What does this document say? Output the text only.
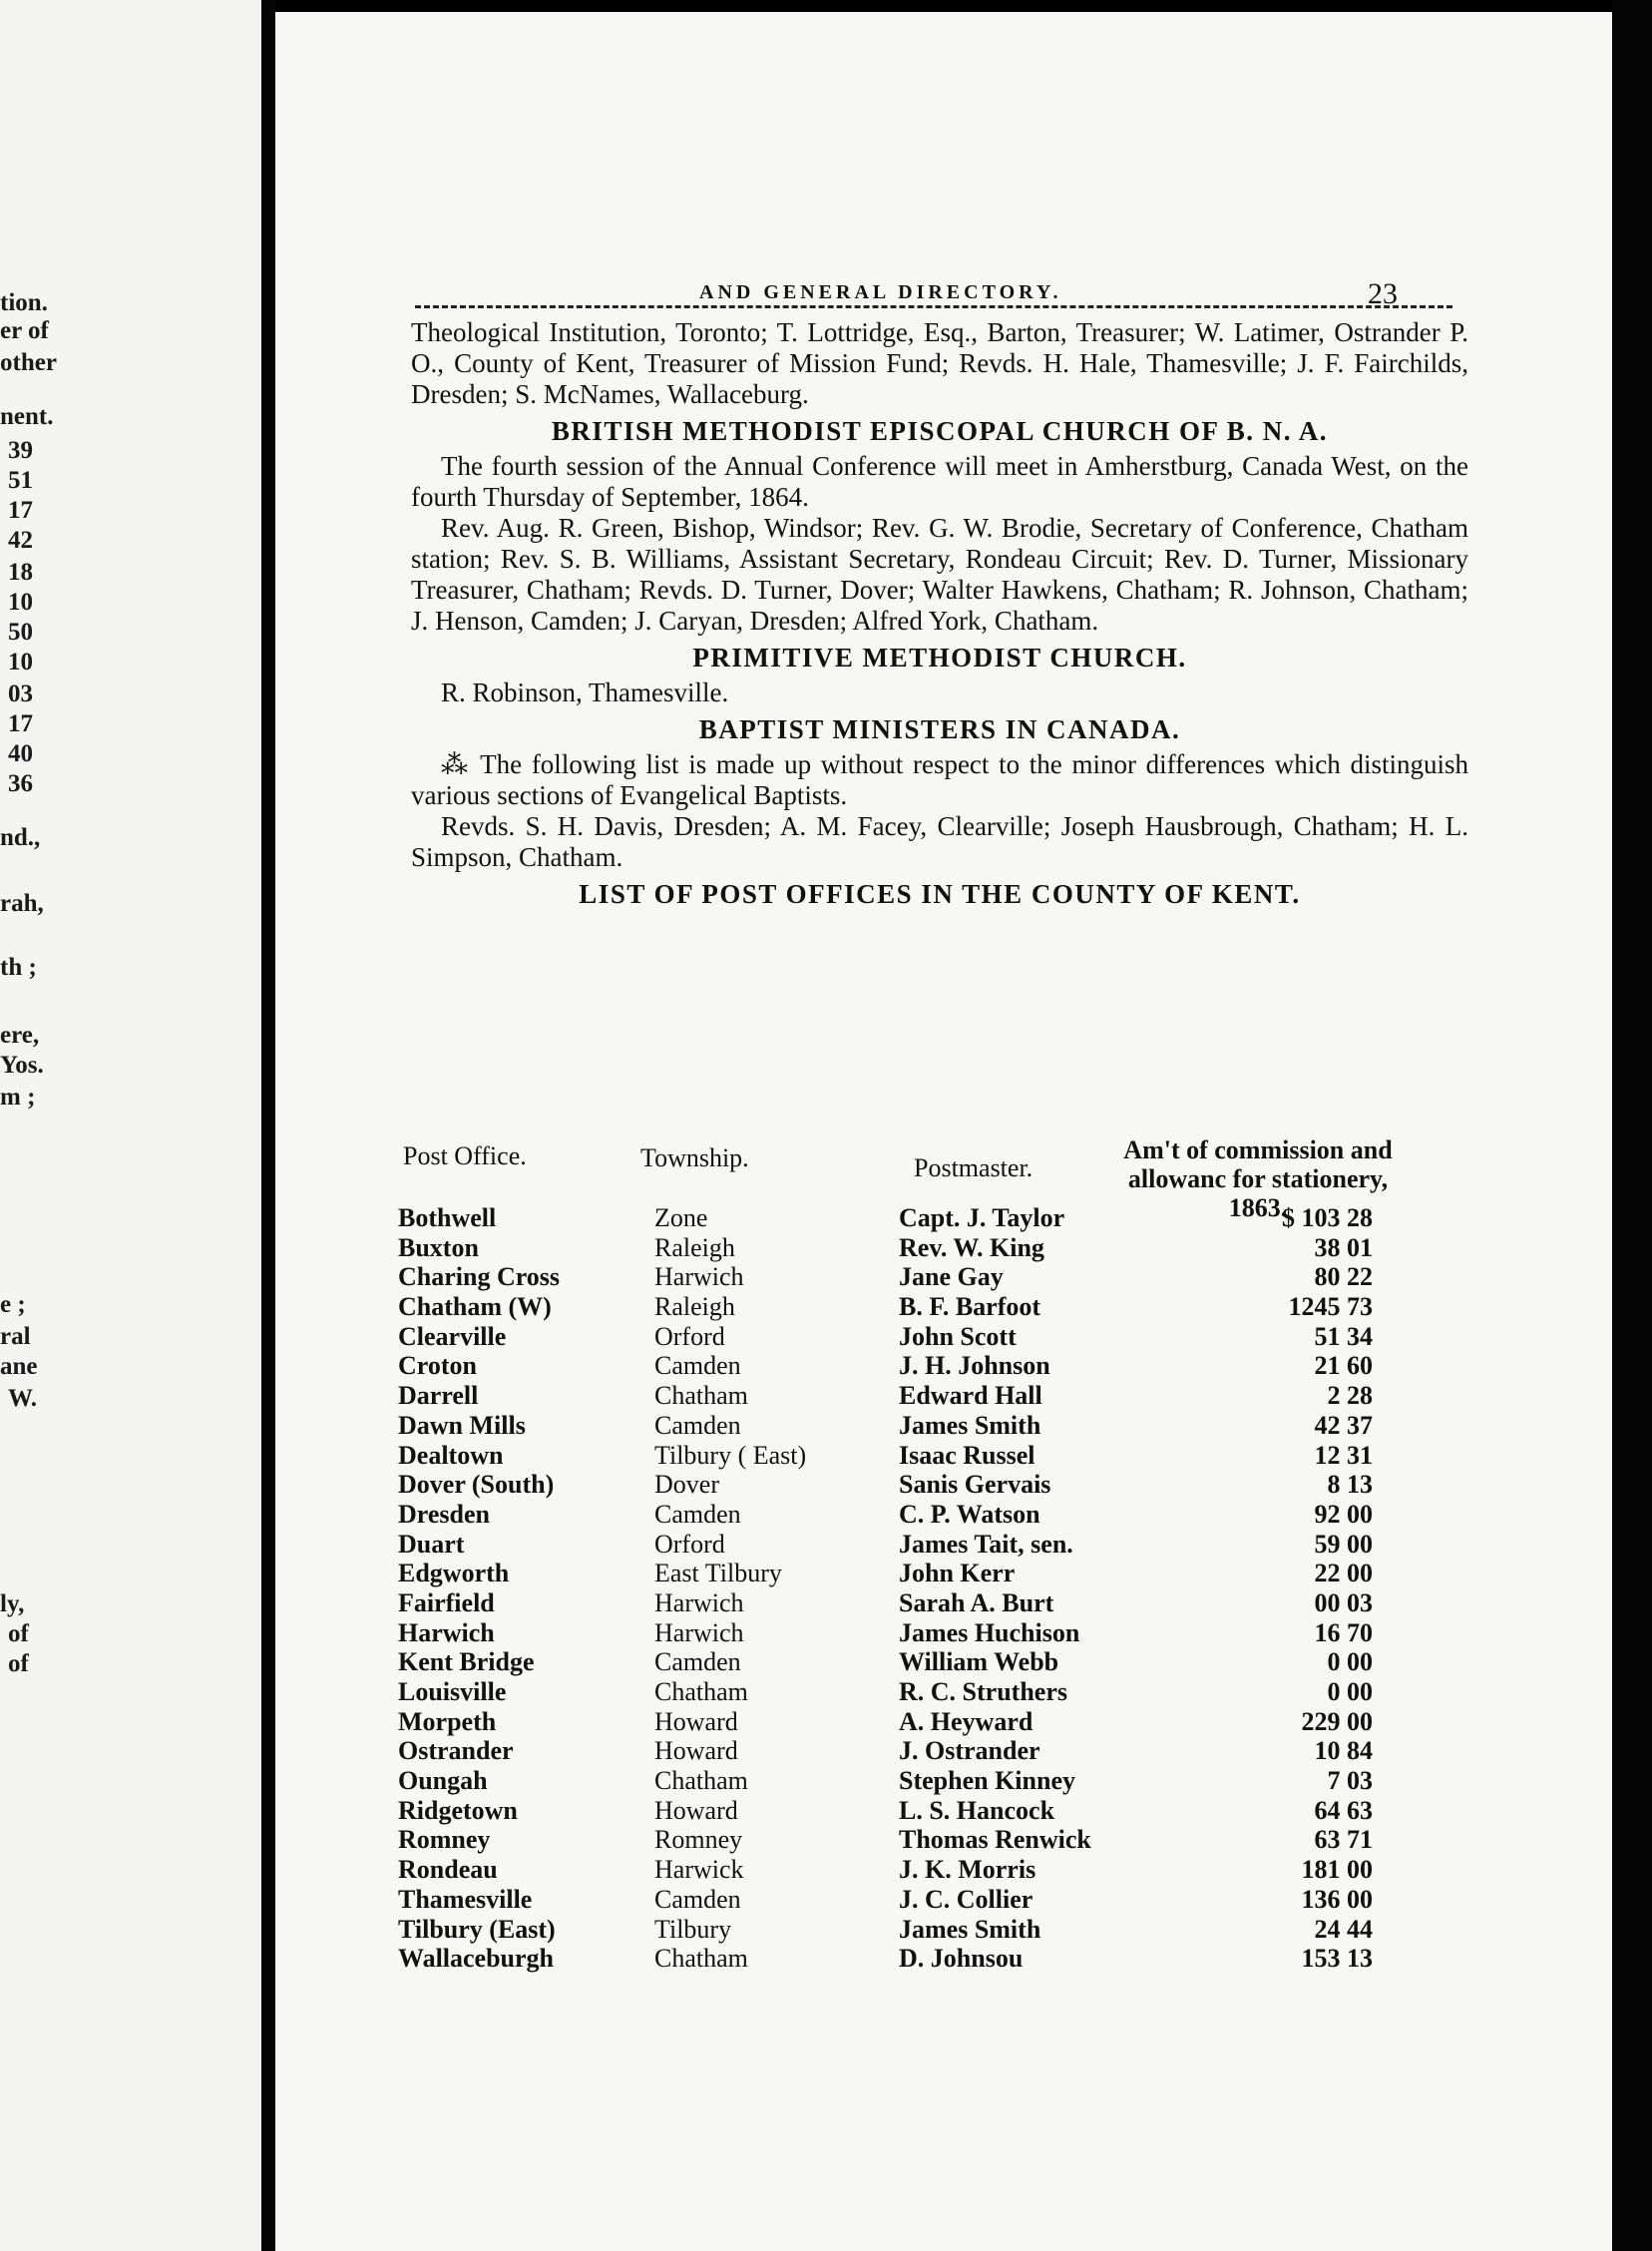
tion.
er of
other
nent.
39
51
17
42
18
10
50
10
03
17
40
36
nd.,
rah,
th ;
ere,
Yos.
m ;
e ;
ral
ane
W.
ly,
of
of
AND GENERAL DIRECTORY.	23

Theological Institution, Toronto; T. Lottridge, Esq., Barton, Treasurer; W. Latimer, Ostrander P. O., County of Kent, Treasurer of Mission Fund; Revds. H. Hale, Thamesville; J. F. Fairchilds, Dresden; S. McNames, Wallaceburg.

BRITISH METHODIST EPISCOPAL CHURCH OF B. N. A.

The fourth session of the Annual Conference will meet in Amherstburg, Canada West, on the fourth Thursday of September, 1864.

Rev. Aug. R. Green, Bishop, Windsor; Rev. G. W. Brodie, Secretary of Conference, Chatham station; Rev. S. B. Williams, Assistant Secretary, Rondeau Circuit; Rev. D. Turner, Missionary Treasurer, Chatham; Revds. D. Turner, Dover; Walter Hawkens, Chatham; R. Johnson, Chatham; J. Henson, Camden; J. Caryan, Dresden; Alfred York, Chatham.

PRIMITIVE METHODIST CHURCH.

R. Robinson, Thamesville.

BAPTIST MINISTERS IN CANADA.

⁂ The following list is made up without respect to the minor differences which distinguish various sections of Evangelical Baptists.

Revds. S. H. Davis, Dresden; A. M. Facey, Clearville; Joseph Hausbrough, Chatham; H. L. Simpson, Chatham.

LIST OF POST OFFICES IN THE COUNTY OF KENT.

Post Office.	Township.	Postmaster.
Am't of commission and allowanc for stationery, 1863.
Bothwell	Zone	Capt. J. Taylor	$ 103 28
Buxton	Raleigh	Rev. W. King	38 01
Charing Cross	Harwich	Jane Gay	80 22
Chatham (W)	Raleigh	B. F. Barfoot	1245 73
Clearville	Orford	John Scott	51 34
Croton	Camden	J. H. Johnson	21 60
Darrell	Chatham	Edward Hall	2 28
Dawn Mills	Camden	James Smith	42 37
Dealtown	Tilbury ( East)	Isaac Russel	12 31
Dover (South)	Dover	Sanis Gervais	8 13
Dresden	Camden	C. P. Watson	92 00
Duart	Orford	James Tait, sen.	59 00
Edgworth	East Tilbury	John Kerr	22 00
Fairfield	Harwich	Sarah A. Burt	00 03
Harwich	Harwich	James Huchison	16 70
Kent Bridge	Camden	William Webb	0 00
Louisville	Chatham	R. C. Struthers	0 00
Morpeth	Howard	A. Heyward	229 00
Ostrander	Howard	J. Ostrander	10 84
Oungah	Chatham	Stephen Kinney	7 03
Ridgetown	Howard	L. S. Hancock	64 63
Romney	Romney	Thomas Renwick	63 71
Rondeau	Harwick	J. K. Morris	181 00
Thamesville	Camden	J. C. Collier	136 00
Tilbury (East)	Tilbury	James Smith	24 44
Wallaceburgh	Chatham	D. Johnsou	153 13
